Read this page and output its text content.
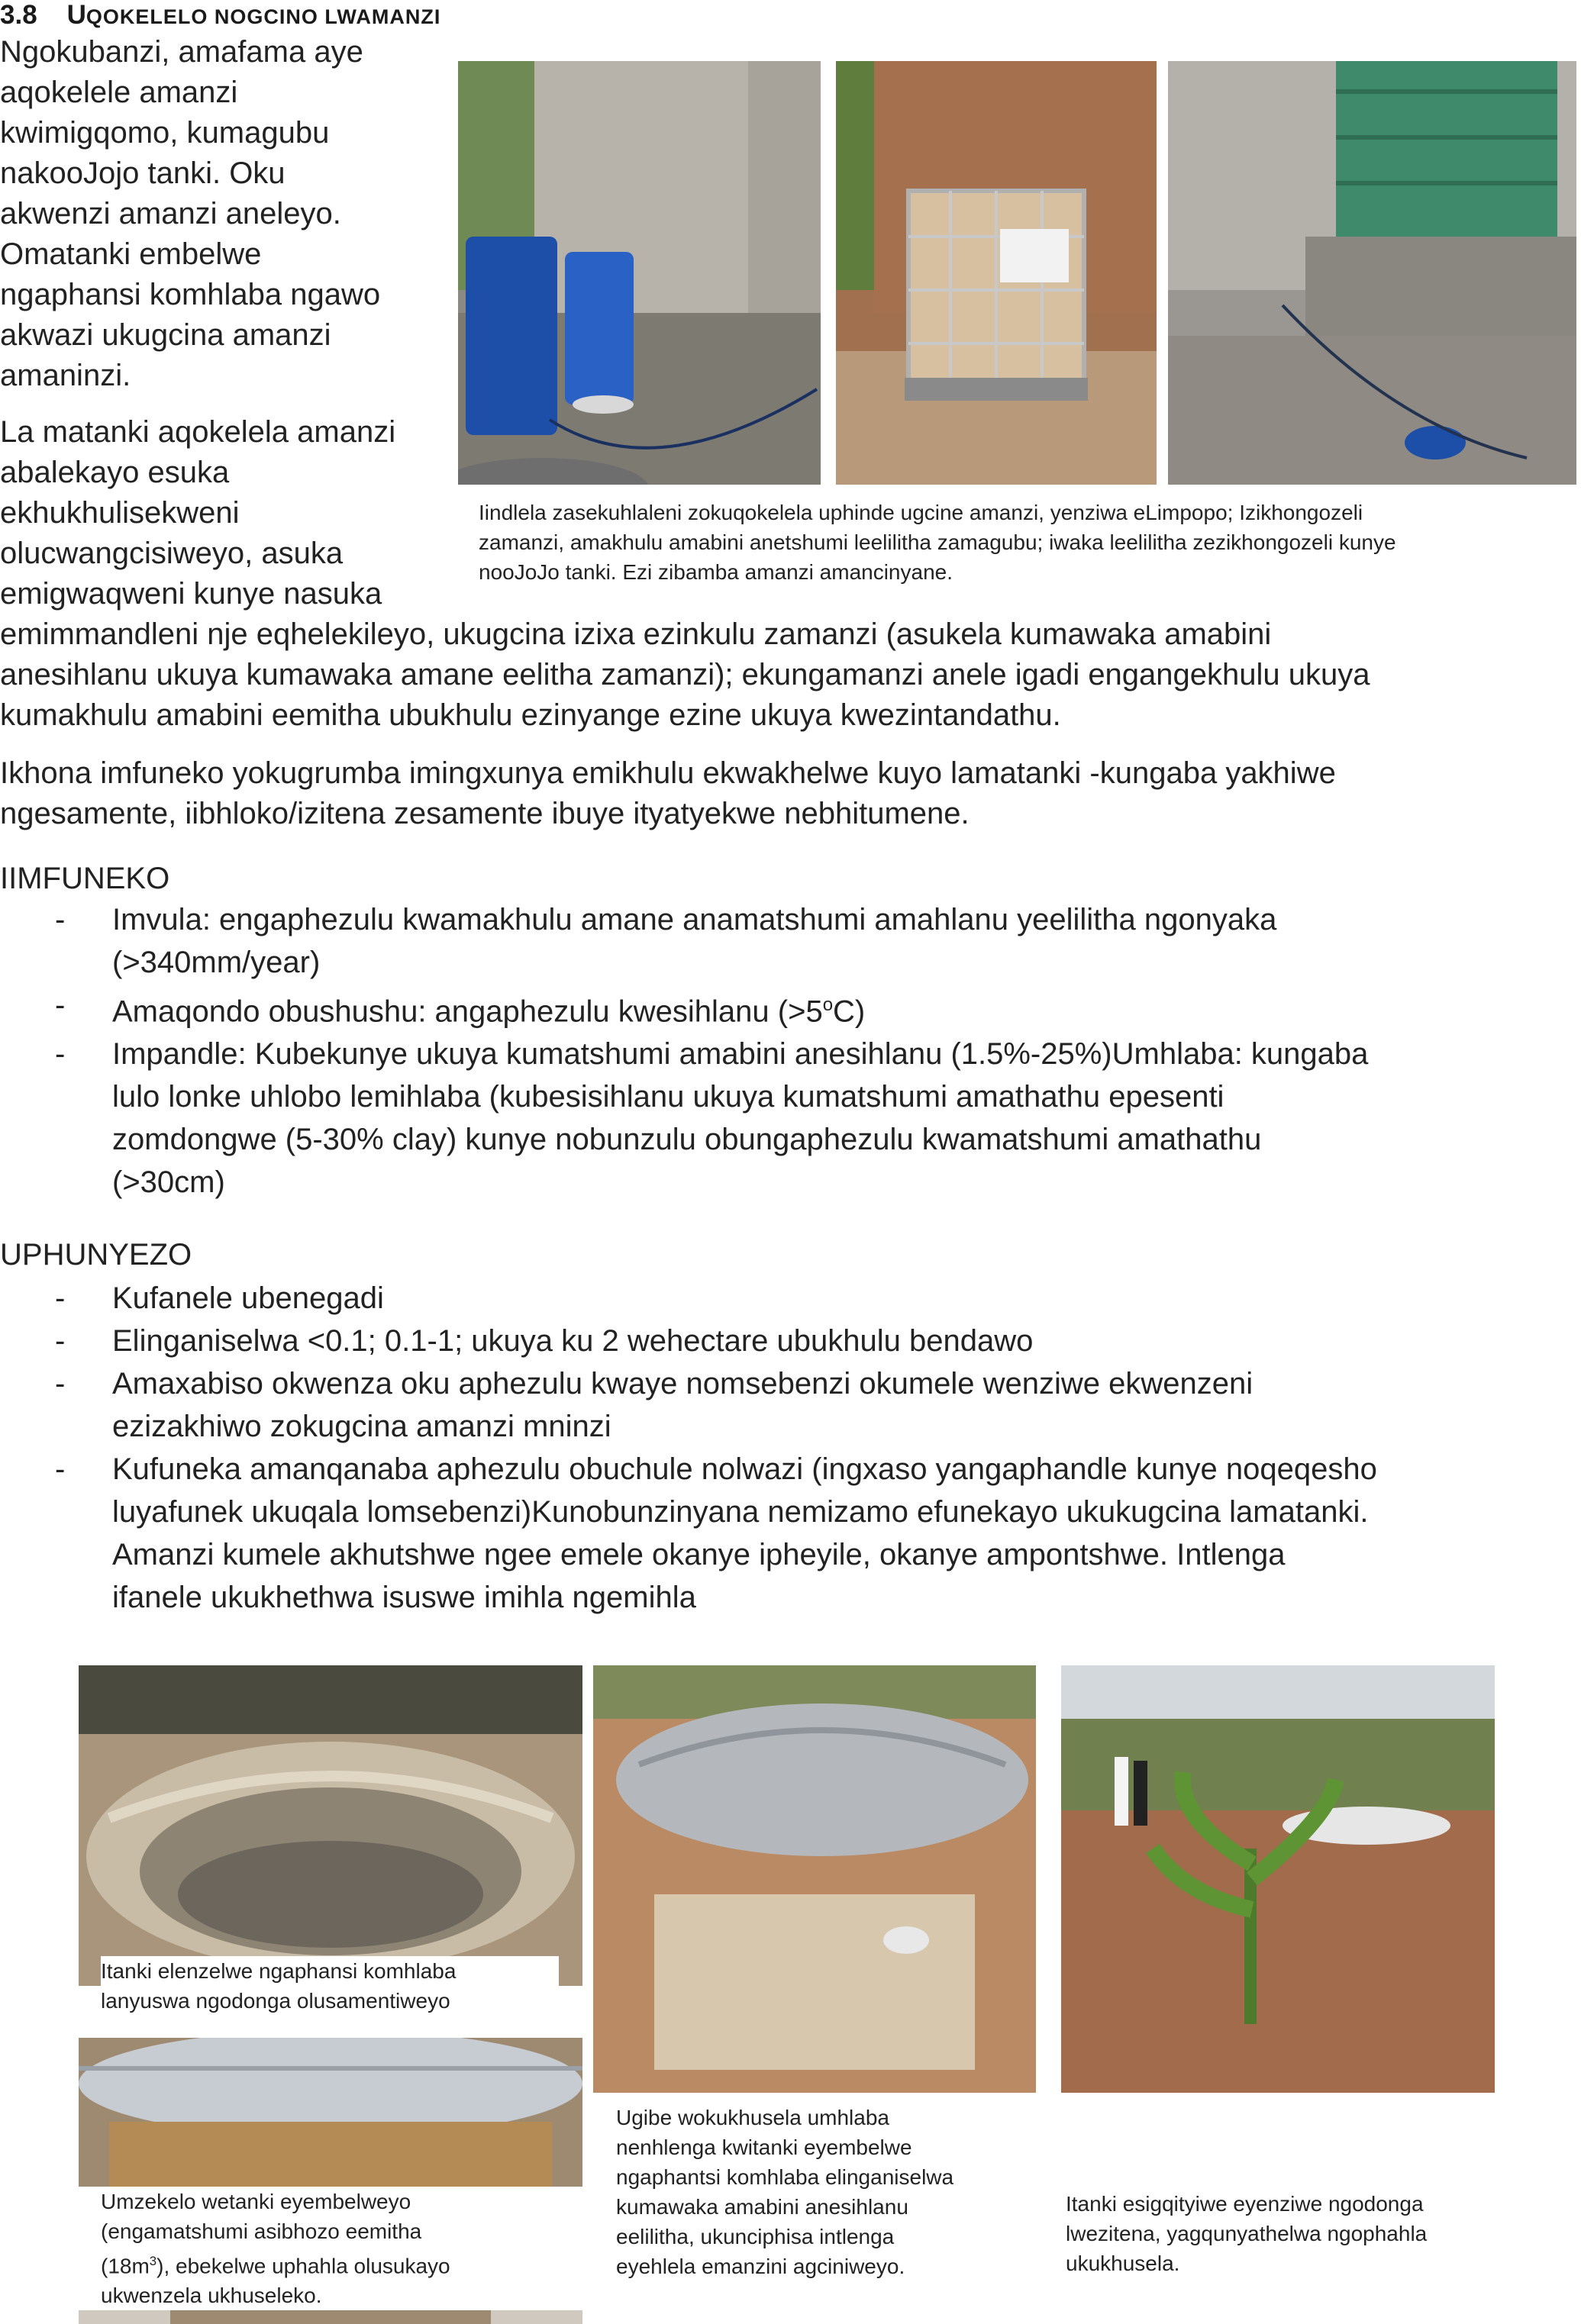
3.8 UQOKELELO NOGCINO LWAMANZI
Ngokubanzi, amafama aye
aqokelele amanzi
kwimigqomo, kumagubu
nakooJojo tanki. Oku
akwenzi amanzi aneleyo.
Omatanki embelwe
ngaphansi komhlaba ngawo
akwazi ukugcina amanzi
amaninzi.
La matanki aqokelela amanzi
abalekayo esuka
ekhukhulisekweni
olucwangcisiweyo, asuka
emigwaqweni kunye nasuka
emimmandleni nje eqhelekileyo, ukugcina izixa ezinkulu zamanzi (asukela kumawaka amabini
anesihlanu ukuya kumawaka amane eelitha zamanzi); ekungamanzi anele igadi engangekhulu ukuya
kumakhulu amabini eemitha ubukhulu ezinyange ezine ukuya kwezintandathu.
Ikhona imfuneko yokugrumba imingxunya emikhulu ekwakhelwe kuyo lamatanki -kungaba yakhiwe
ngesamente, iibhloko/izitena zesamente ibuye ityatyekwe nebhitumene.
Iindlela zasekuhlaleni zokuqokelela uphinde ugcine amanzi, yenziwa eLimpopo; Izikhongozeli
zamanzi, amakhulu amabini anetshumi leelilitha zamagubu; iwaka leelilitha zezikhongozeli kunye
nooJoJo tanki. Ezi zibamba amanzi amancinyane.
IIMFUNEKO
- Imvula: engaphezulu kwamakhulu amane anamatshumi amahlanu yeelilitha ngonyaka
(>340mm/year)
- Amaqondo obushushu: angaphezulu kwesihlanu $(>5^oC)$
- Impandle: Kubekunye ukuya kumatshumi amabini anesihlanu (1.5%-25%)Umhlaba: kungaba
lulo lonke uhlobo lemihlaba (kubesisihlanu ukuya kumatshumi amathathu epesenti
zomdongwe (5-30% clay) kunye nobunzulu obungaphezulu kwamatshumi amathathu
(>30cm)
UPHUNYEZO
- Kufanele ubenegadi
- Elinganiselwa <0.1; 0.1-1; ukuya ku 2 wehectare ubukhulu bendawo
- Amaxabiso okwenza oku aphezulu kwaye nomsebenzi okumele wenziwe ekwenzeni
ezizakhiwo zokugcina amanzi mninzi
- Kufuneka amanqanaba aphezulu obuchule nolwazi (ingxaso yangaphandle kunye noqeqesho
luyafunek ukuqala lomsebenzi)Kunobunzinyana nemizamo efunekayo ukukugcina lamatanki.
Amanzi kumele akhutshwe ngee emele okanye ipheyile, okanye ampontshwe. Intlenga
ifanele ukukhethwa isuswe imihla ngemihla
Itanki elenzelwe ngaphansi komhlaba
lanyuswa ngodonga olusamentiweyo
Umzekelo wetanki eyembelweyo
(engamatshumi asibhozo eemitha
$(18m^3)$, ebekelwe uphahla olusukayo
ukwenzela ukhuseleko.
Ugibe wokukhusela umhlaba
nenhlenga kwitanki eyembelwe
ngaphantsi komhlaba elinganiselwa
kumawaka amabini anesihlanu
eelilitha, ukunciphisa intlenga
eyehlela emanzini agciniweyo.
Itanki esigqityiwe eyenziwe ngodonga
lwezitena, yagqunyathelwa ngophahla
ukukhusela.
